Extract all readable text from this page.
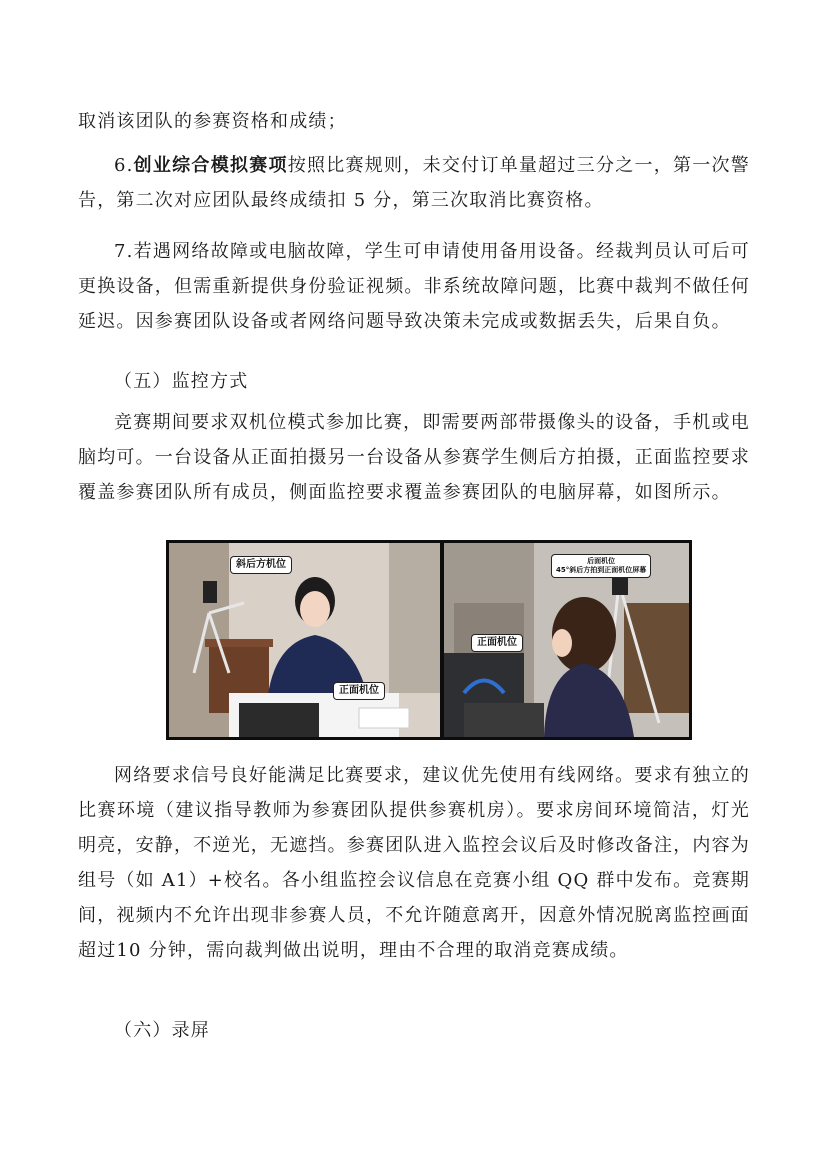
取消该团队的参赛资格和成绩；

6.创业综合模拟赛项按照比赛规则，未交付订单量超过三分之一，第一次警告，第二次对应团队最终成绩扣 5 分，第三次取消比赛资格。

7.若遇网络故障或电脑故障，学生可申请使用备用设备。经裁判员认可后可更换设备，但需重新提供身份验证视频。非系统故障问题，比赛中裁判不做任何延迟。因参赛团队设备或者网络问题导致决策未完成或数据丢失，后果自负。

（五）监控方式

竞赛期间要求双机位模式参加比赛，即需要两部带摄像头的设备，手机或电脑均可。一台设备从正面拍摄另一台设备从参赛学生侧后方拍摄，正面监控要求覆盖参赛团队所有成员，侧面监控要求覆盖参赛团队的电脑屏幕，如图所示。

斜后方机位
正面机位
后面机位
45°斜后方拍到正面机位屏幕
正面机位

网络要求信号良好能满足比赛要求，建议优先使用有线网络。要求有独立的比赛环境（建议指导教师为参赛团队提供参赛机房）。要求房间环境简洁，灯光明亮，安静，不逆光，无遮挡。参赛团队进入监控会议后及时修改备注，内容为组号（如 A1）+校名。各小组监控会议信息在竞赛小组 QQ 群中发布。竞赛期间，视频内不允许出现非参赛人员，不允许随意离开，因意外情况脱离监控画面超过10 分钟，需向裁判做出说明，理由不合理的取消竞赛成绩。

（六）录屏
